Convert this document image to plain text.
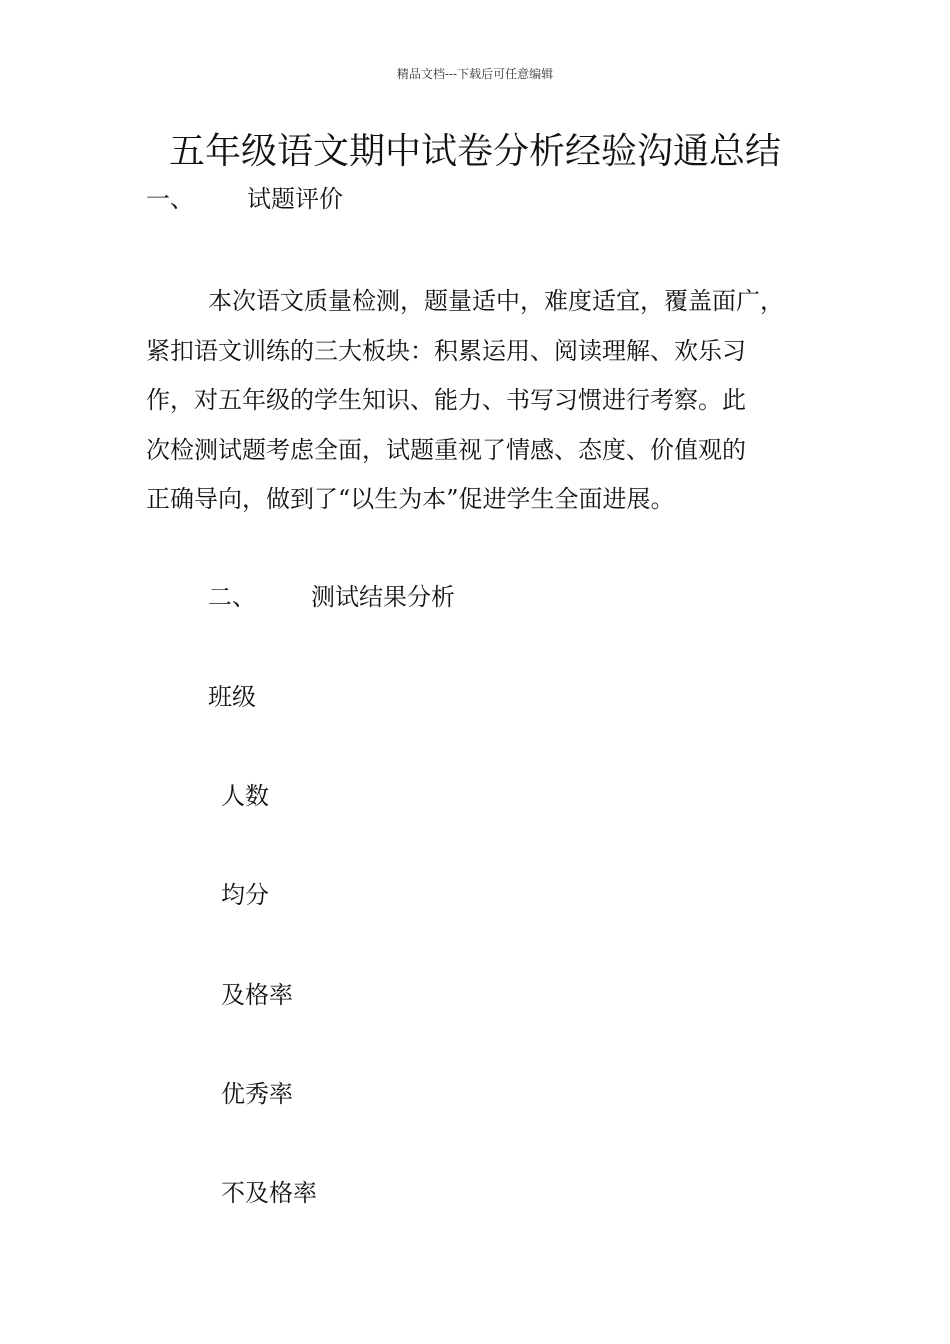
精品文档---下载后可任意编辑
五年级语文期中试卷分析经验沟通总结
一、 试题评价
本次语文质量检测，题量适中，难度适宜，覆盖面广，
紧扣语文训练的三大板块：积累运用、阅读理解、欢乐习
作，对五年级的学生知识、能力、书写习惯进行考察。此
次检测试题考虑全面，试题重视了情感、态度、价值观的
正确导向，做到了“以生为本”促进学生全面进展。
二、 测试结果分析
班级
人数
均分
及格率
优秀率
不及格率
